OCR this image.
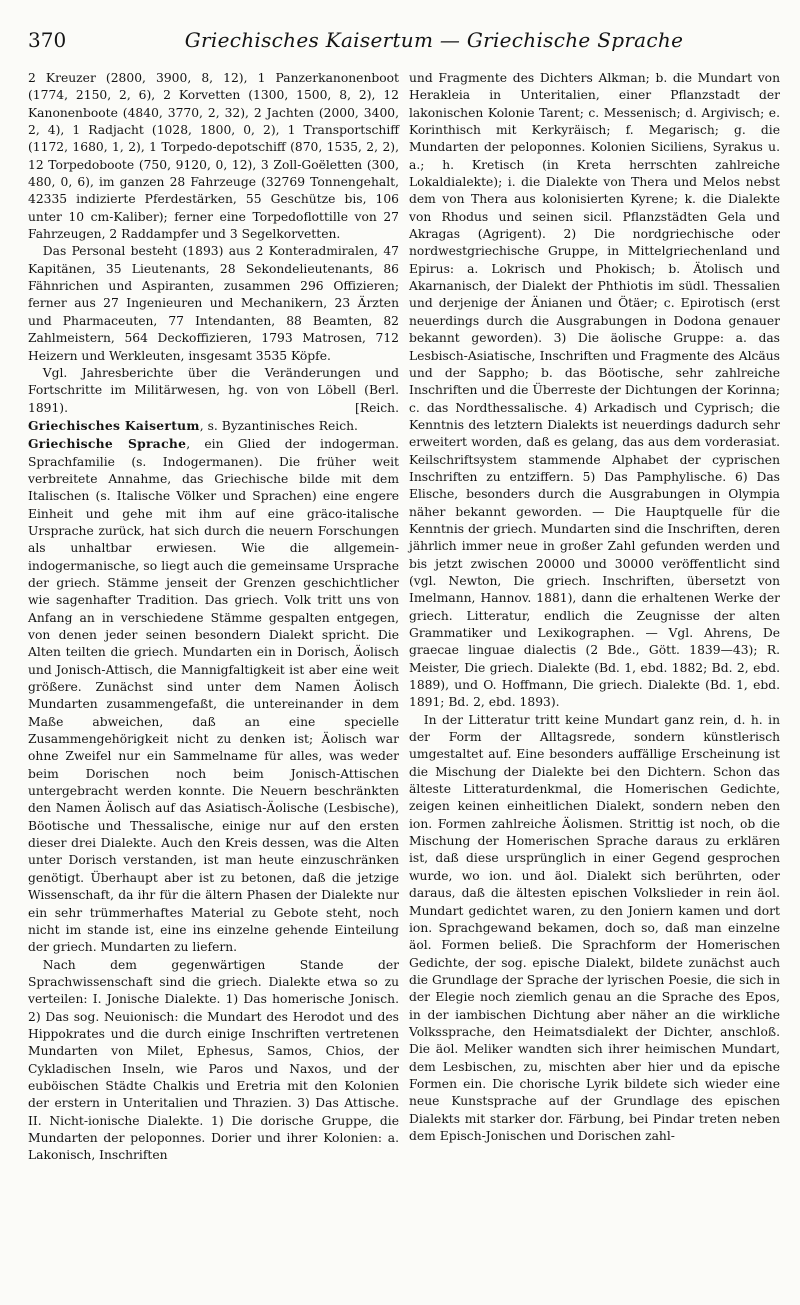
370	Griechisches Kaisertum — Griechische Sprache

2 Kreuzer (2800, 3900, 8, 12), 1 Panzerkanonenboot (1774, 2150, 2, 6), 2 Korvetten (1300, 1500, 8, 2), 12 Kanonenboote (4840, 3770, 2, 32), 2 Jachten (2000, 3400, 2, 4), 1 Radjacht (1028, 1800, 0, 2), 1 Transportschiff (1172, 1680, 1, 2), 1 Torpedo-depotschiff (870, 1535, 2, 2), 12 Torpedoboote (750, 9120, 0, 12), 3 Zoll-Goëletten (300, 480, 0, 6), im ganzen 28 Fahrzeuge (32769 Tonnengehalt, 42335 indizierte Pferdestärken, 55 Geschütze bis, 106 unter 10 cm-Kaliber); ferner eine Torpedoflottille von 27 Fahrzeugen, 2 Raddampfer und 3 Segelkorvetten.

Das Personal besteht (1893) aus 2 Konteradmiralen, 47 Kapitänen, 35 Lieutenants, 28 Sekondelieutenants, 86 Fähnrichen und Aspiranten, zusammen 296 Offizieren; ferner aus 27 Ingenieuren und Mechanikern, 23 Ärzten und Pharmaceuten, 77 Intendanten, 88 Beamten, 82 Zahlmeistern, 564 Deckoffizieren, 1793 Matrosen, 712 Heizern und Werkleuten, insgesamt 3535 Köpfe.

Vgl. Jahresberichte über die Veränderungen und Fortschritte im Militärwesen, hg. von von Löbell (Berl. 1891).	[Reich.

Griechisches Kaisertum, s. Byzantinisches Reich.

Griechische Sprache, ein Glied der indogerman. Sprachfamilie (s. Indogermanen). Die früher weit verbreitete Annahme, das Griechische bilde mit dem Italischen (s. Italische Völker und Sprachen) eine engere Einheit und gehe mit ihm auf eine gräco-italische Ursprache zurück, hat sich durch die neuern Forschungen als unhaltbar erwiesen. Wie die allgemein-indogermanische, so liegt auch die gemeinsame Ursprache der griech. Stämme jenseit der Grenzen geschichtlicher wie sagenhafter Tradition. Das griech. Volk tritt uns von Anfang an in verschiedene Stämme gespalten entgegen, von denen jeder seinen besondern Dialekt spricht. Die Alten teilten die griech. Mundarten ein in Dorisch, Äolisch und Jonisch-Attisch, die Mannigfaltigkeit ist aber eine weit größere. Zunächst sind unter dem Namen Äolisch Mundarten zusammengefaßt, die untereinander in dem Maße abweichen, daß an eine specielle Zusammengehörigkeit nicht zu denken ist; Äolisch war ohne Zweifel nur ein Sammelname für alles, was weder beim Dorischen noch beim Jonisch-Attischen untergebracht werden konnte. Die Neuern beschränkten den Namen Äolisch auf das Asiatisch-Äolische (Lesbische), Böotische und Thessalische, einige nur auf den ersten dieser drei Dialekte. Auch den Kreis dessen, was die Alten unter Dorisch verstanden, ist man heute einzuschränken genötigt. Überhaupt aber ist zu betonen, daß die jetzige Wissenschaft, da ihr für die ältern Phasen der Dialekte nur ein sehr trümmerhaftes Material zu Gebote steht, noch nicht im stande ist, eine ins einzelne gehende Einteilung der griech. Mundarten zu liefern.

Nach dem gegenwärtigen Stande der Sprachwissenschaft sind die griech. Dialekte etwa so zu verteilen: I. Jonische Dialekte. 1) Das homerische Jonisch. 2) Das sog. Neuionisch: die Mundart des Herodot und des Hippokrates und die durch einige Inschriften vertretenen Mundarten von Milet, Ephesus, Samos, Chios, der Cykladischen Inseln, wie Paros und Naxos, und der euböischen Städte Chalkis und Eretria mit den Kolonien der erstern in Unteritalien und Thrazien. 3) Das Attische. II. Nicht-ionische Dialekte. 1) Die dorische Gruppe, die Mundarten der peloponnes. Dorier und ihrer Kolonien: a. Lakonisch, Inschriften

und Fragmente des Dichters Alkman; b. die Mundart von Herakleia in Unteritalien, einer Pflanzstadt der lakonischen Kolonie Tarent; c. Messenisch; d. Argivisch; e. Korinthisch mit Kerkyräisch; f. Megarisch; g. die Mundarten der peloponnes. Kolonien Siciliens, Syrakus u. a.; h. Kretisch (in Kreta herrschten zahlreiche Lokaldialekte); i. die Dialekte von Thera und Melos nebst dem von Thera aus kolonisierten Kyrene; k. die Dialekte von Rhodus und seinen sicil. Pflanzstädten Gela und Akragas (Agrigent). 2) Die nordgriechische oder nordwestgriechische Gruppe, in Mittelgriechenland und Epirus: a. Lokrisch und Phokisch; b. Ätolisch und Akarnanisch, der Dialekt der Phthiotis im südl. Thessalien und derjenige der Änianen und Ötäer; c. Epirotisch (erst neuerdings durch die Ausgrabungen in Dodona genauer bekannt geworden). 3) Die äolische Gruppe: a. das Lesbisch-Asiatische, Inschriften und Fragmente des Alcäus und der Sappho; b. das Böotische, sehr zahlreiche Inschriften und die Überreste der Dichtungen der Korinna; c. das Nordthessalische. 4) Arkadisch und Cyprisch; die Kenntnis des letztern Dialekts ist neuerdings dadurch sehr erweitert worden, daß es gelang, das aus dem vorderasiat. Keilschriftsystem stammende Alphabet der cyprischen Inschriften zu entziffern. 5) Das Pamphylische. 6) Das Elische, besonders durch die Ausgrabungen in Olympia näher bekannt geworden. — Die Hauptquelle für die Kenntnis der griech. Mundarten sind die Inschriften, deren jährlich immer neue in großer Zahl gefunden werden und bis jetzt zwischen 20000 und 30000 veröffentlicht sind (vgl. Newton, Die griech. Inschriften, übersetzt von Imelmann, Hannov. 1881), dann die erhaltenen Werke der griech. Litteratur, endlich die Zeugnisse der alten Grammatiker und Lexikographen. — Vgl. Ahrens, De graecae linguae dialectis (2 Bde., Gött. 1839—43); R. Meister, Die griech. Dialekte (Bd. 1, ebd. 1882; Bd. 2, ebd. 1889), und O. Hoffmann, Die griech. Dialekte (Bd. 1, ebd. 1891; Bd. 2, ebd. 1893).

In der Litteratur tritt keine Mundart ganz rein, d. h. in der Form der Alltagsrede, sondern künstlerisch umgestaltet auf. Eine besonders auffällige Erscheinung ist die Mischung der Dialekte bei den Dichtern. Schon das älteste Litteraturdenkmal, die Homerischen Gedichte, zeigen keinen einheitlichen Dialekt, sondern neben den ion. Formen zahlreiche Äolismen. Strittig ist noch, ob die Mischung der Homerischen Sprache daraus zu erklären ist, daß diese ursprünglich in einer Gegend gesprochen wurde, wo ion. und äol. Dialekt sich berührten, oder daraus, daß die ältesten epischen Volkslieder in rein äol. Mundart gedichtet waren, zu den Joniern kamen und dort ion. Sprachgewand bekamen, doch so, daß man einzelne äol. Formen beließ. Die Sprachform der Homerischen Gedichte, der sog. epische Dialekt, bildete zunächst auch die Grundlage der Sprache der lyrischen Poesie, die sich in der Elegie noch ziemlich genau an die Sprache des Epos, in der iambischen Dichtung aber näher an die wirkliche Volkssprache, den Heimatsdialekt der Dichter, anschloß. Die äol. Meliker wandten sich ihrer heimischen Mundart, dem Lesbischen, zu, mischten aber hier und da epische Formen ein. Die chorische Lyrik bildete sich wieder eine neue Kunstsprache auf der Grundlage des epischen Dialekts mit starker dor. Färbung, bei Pindar treten neben dem Episch-Jonischen und Dorischen zahl-
